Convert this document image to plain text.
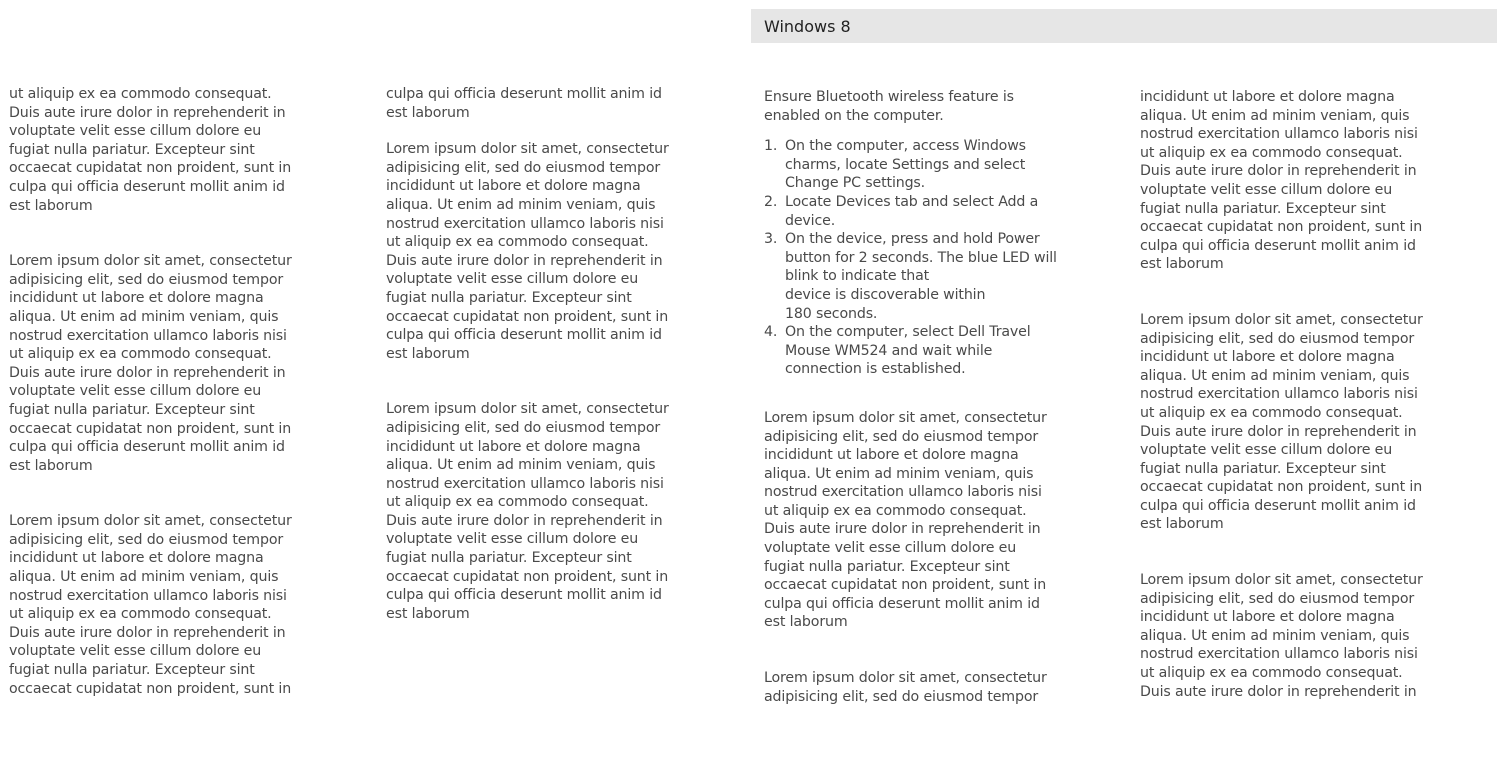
Windows 8

ut aliquip ex ea commodo consequat.
Duis aute irure dolor in reprehenderit in
voluptate velit esse cillum dolore eu
fugiat nulla pariatur. Excepteur sint
occaecat cupidatat non proident, sunt in
culpa qui officia deserunt mollit anim id
est laborum

Lorem ipsum dolor sit amet, consectetur
adipisicing elit, sed do eiusmod tempor
incididunt ut labore et dolore magna
aliqua. Ut enim ad minim veniam, quis
nostrud exercitation ullamco laboris nisi
ut aliquip ex ea commodo consequat.
Duis aute irure dolor in reprehenderit in
voluptate velit esse cillum dolore eu
fugiat nulla pariatur. Excepteur sint
occaecat cupidatat non proident, sunt in
culpa qui officia deserunt mollit anim id
est laborum

Lorem ipsum dolor sit amet, consectetur
adipisicing elit, sed do eiusmod tempor
incididunt ut labore et dolore magna
aliqua. Ut enim ad minim veniam, quis
nostrud exercitation ullamco laboris nisi
ut aliquip ex ea commodo consequat.
Duis aute irure dolor in reprehenderit in
voluptate velit esse cillum dolore eu
fugiat nulla pariatur. Excepteur sint
occaecat cupidatat non proident, sunt in

culpa qui officia deserunt mollit anim id
est laborum

Lorem ipsum dolor sit amet, consectetur
adipisicing elit, sed do eiusmod tempor
incididunt ut labore et dolore magna
aliqua. Ut enim ad minim veniam, quis
nostrud exercitation ullamco laboris nisi
ut aliquip ex ea commodo consequat.
Duis aute irure dolor in reprehenderit in
voluptate velit esse cillum dolore eu
fugiat nulla pariatur. Excepteur sint
occaecat cupidatat non proident, sunt in
culpa qui officia deserunt mollit anim id
est laborum

Lorem ipsum dolor sit amet, consectetur
adipisicing elit, sed do eiusmod tempor
incididunt ut labore et dolore magna
aliqua. Ut enim ad minim veniam, quis
nostrud exercitation ullamco laboris nisi
ut aliquip ex ea commodo consequat.
Duis aute irure dolor in reprehenderit in
voluptate velit esse cillum dolore eu
fugiat nulla pariatur. Excepteur sint
occaecat cupidatat non proident, sunt in
culpa qui officia deserunt mollit anim id
est laborum

Ensure Bluetooth wireless feature is
enabled on the computer.

1. On the computer, access Windows
charms, locate Settings and select
Change PC settings.
2. Locate Devices tab and select Add a
device.
3. On the device, press and hold Power
button for 2 seconds. The blue LED will
blink to indicate that
device is discoverable within
180 seconds.
4. On the computer, select Dell Travel
Mouse WM524 and wait while
connection is established.

Lorem ipsum dolor sit amet, consectetur
adipisicing elit, sed do eiusmod tempor
incididunt ut labore et dolore magna
aliqua. Ut enim ad minim veniam, quis
nostrud exercitation ullamco laboris nisi
ut aliquip ex ea commodo consequat.
Duis aute irure dolor in reprehenderit in
voluptate velit esse cillum dolore eu
fugiat nulla pariatur. Excepteur sint
occaecat cupidatat non proident, sunt in
culpa qui officia deserunt mollit anim id
est laborum

Lorem ipsum dolor sit amet, consectetur
adipisicing elit, sed do eiusmod tempor

incididunt ut labore et dolore magna
aliqua. Ut enim ad minim veniam, quis
nostrud exercitation ullamco laboris nisi
ut aliquip ex ea commodo consequat.
Duis aute irure dolor in reprehenderit in
voluptate velit esse cillum dolore eu
fugiat nulla pariatur. Excepteur sint
occaecat cupidatat non proident, sunt in
culpa qui officia deserunt mollit anim id
est laborum

Lorem ipsum dolor sit amet, consectetur
adipisicing elit, sed do eiusmod tempor
incididunt ut labore et dolore magna
aliqua. Ut enim ad minim veniam, quis
nostrud exercitation ullamco laboris nisi
ut aliquip ex ea commodo consequat.
Duis aute irure dolor in reprehenderit in
voluptate velit esse cillum dolore eu
fugiat nulla pariatur. Excepteur sint
occaecat cupidatat non proident, sunt in
culpa qui officia deserunt mollit anim id
est laborum

Lorem ipsum dolor sit amet, consectetur
adipisicing elit, sed do eiusmod tempor
incididunt ut labore et dolore magna
aliqua. Ut enim ad minim veniam, quis
nostrud exercitation ullamco laboris nisi
ut aliquip ex ea commodo consequat.
Duis aute irure dolor in reprehenderit in
